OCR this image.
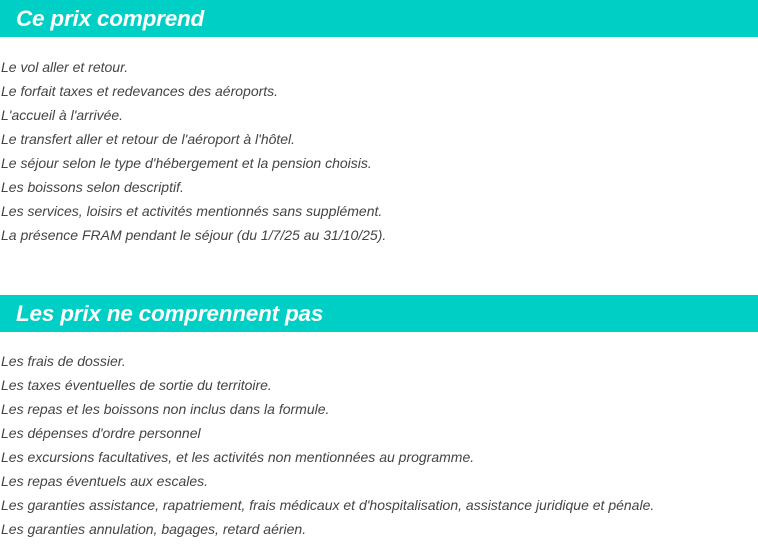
Ce prix comprend
Le vol aller et retour.
Le forfait taxes et redevances des aéroports.
L'accueil à l'arrivée.
Le transfert aller et retour de l'aéroport à l'hôtel.
Le séjour selon le type d'hébergement et la pension choisis.
Les boissons selon descriptif.
Les services, loisirs et activités mentionnés sans supplément.
La présence FRAM pendant le séjour (du 1/7/25 au 31/10/25).
Les prix ne comprennent pas
Les frais de dossier.
Les taxes éventuelles de sortie du territoire.
Les repas et les boissons non inclus dans la formule.
Les dépenses d'ordre personnel
Les excursions facultatives, et les activités non mentionnées au programme.
Les repas éventuels aux escales.
Les garanties assistance, rapatriement, frais médicaux et d'hospitalisation, assistance juridique et pénale.
Les garanties annulation, bagages, retard aérien.
